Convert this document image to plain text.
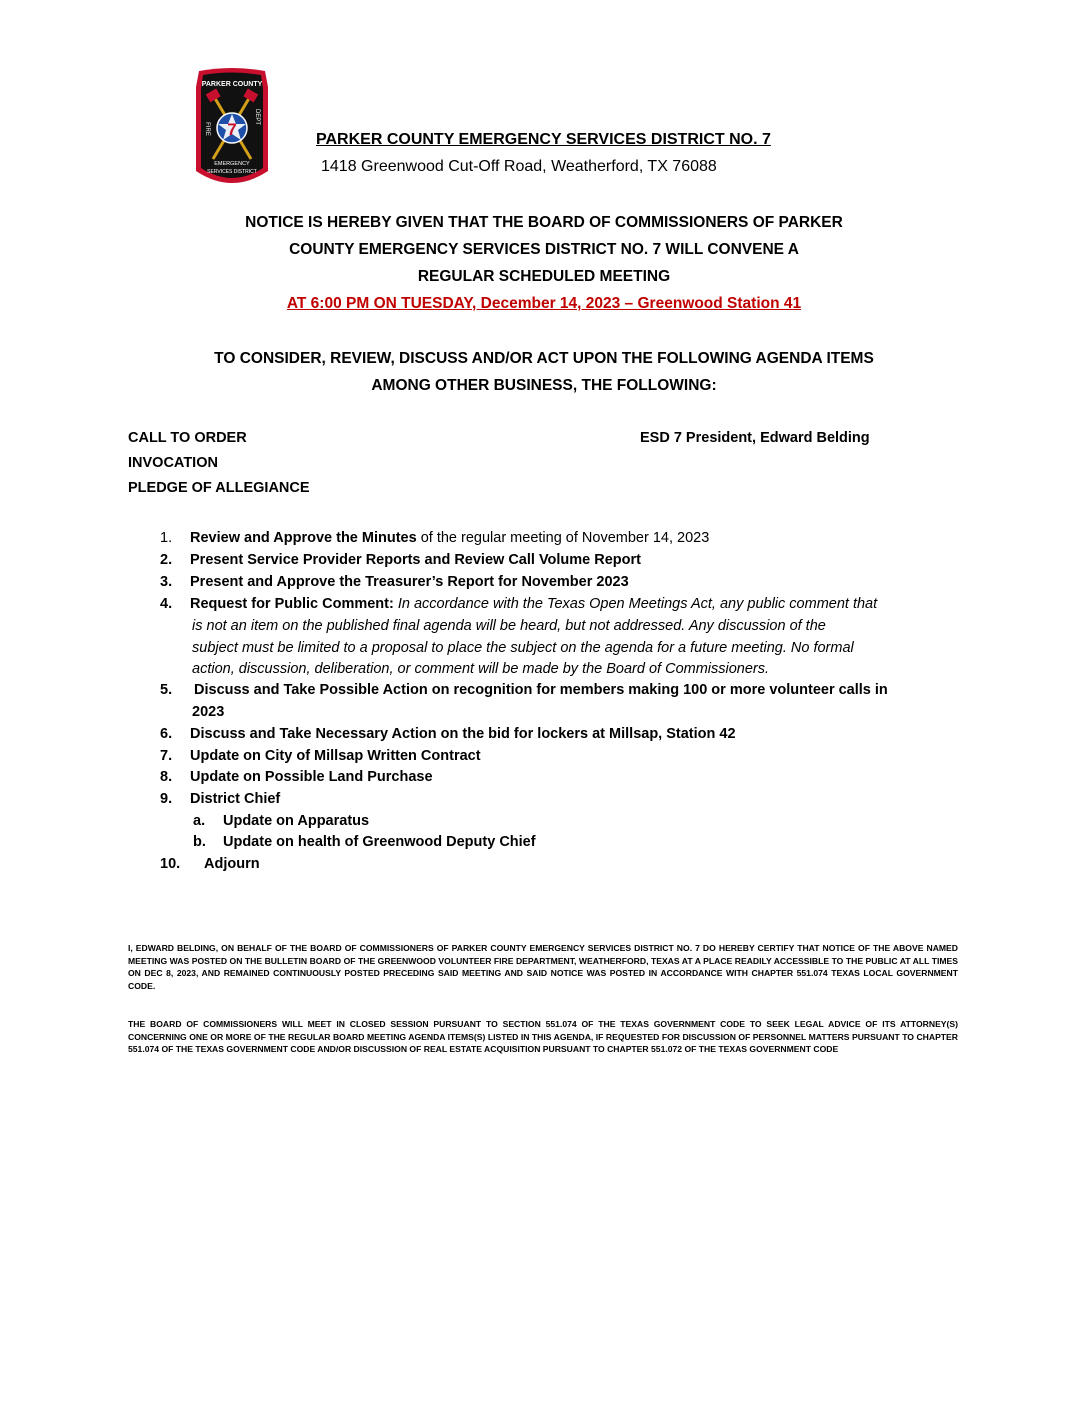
PARKER COUNTY
7
FIRE
DEPT
EMERGENCY
SERVICES DISTRICT
PARKER COUNTY EMERGENCY SERVICES DISTRICT NO. 7
1418 Greenwood Cut-Off Road, Weatherford, TX 76088
NOTICE IS HEREBY GIVEN THAT THE BOARD OF COMMISSIONERS OF PARKER
COUNTY EMERGENCY SERVICES DISTRICT NO. 7 WILL CONVENE A
REGULAR SCHEDULED MEETING
AT 6:00 PM ON TUESDAY, December 14, 2023 – Greenwood Station 41
TO CONSIDER, REVIEW, DISCUSS AND/OR ACT UPON THE FOLLOWING AGENDA ITEMS
AMONG OTHER BUSINESS, THE FOLLOWING:
CALL TO ORDER	ESD 7 President, Edward Belding
INVOCATION
PLEDGE OF ALLEGIANCE
1. Review and Approve the Minutes of the regular meeting of November 14, 2023
2. Present Service Provider Reports and Review Call Volume Report
3. Present and Approve the Treasurer’s Report for November 2023
4. Request for Public Comment: In accordance with the Texas Open Meetings Act, any public comment that
is not an item on the published final agenda will be heard, but not addressed. Any discussion of the
subject must be limited to a proposal to place the subject on the agenda for a future meeting. No formal
action, discussion, deliberation, or comment will be made by the Board of Commissioners.
5. Discuss and Take Possible Action on recognition for members making 100 or more volunteer calls in
2023
6. Discuss and Take Necessary Action on the bid for lockers at Millsap, Station 42
7. Update on City of Millsap Written Contract
8. Update on Possible Land Purchase
9. District Chief
a. Update on Apparatus
b. Update on health of Greenwood Deputy Chief
10. Adjourn
I, EDWARD BELDING, ON BEHALF OF THE BOARD OF COMMISSIONERS OF PARKER COUNTY EMERGENCY SERVICES DISTRICT NO. 7 DO HEREBY CERTIFY THAT NOTICE OF THE ABOVE NAMED MEETING WAS POSTED ON THE BULLETIN BOARD OF THE GREENWOOD VOLUNTEER FIRE DEPARTMENT, WEATHERFORD, TEXAS AT A PLACE READILY ACCESSIBLE TO THE PUBLIC AT ALL TIMES ON DEC 8, 2023, AND REMAINED CONTINUOUSLY POSTED PRECEDING SAID MEETING AND SAID NOTICE WAS POSTED IN ACCORDANCE WITH CHAPTER 551.074 TEXAS LOCAL GOVERNMENT CODE.
THE BOARD OF COMMISSIONERS WILL MEET IN CLOSED SESSION PURSUANT TO SECTION 551.074 OF THE TEXAS GOVERNMENT CODE TO SEEK LEGAL ADVICE OF ITS ATTORNEY(S) CONCERNING ONE OR MORE OF THE REGULAR BOARD MEETING AGENDA ITEMS(S) LISTED IN THIS AGENDA, IF REQUESTED FOR DISCUSSION OF PERSONNEL MATTERS PURSUANT TO CHAPTER 551.074 OF THE TEXAS GOVERNMENT CODE AND/OR DISCUSSION OF REAL ESTATE ACQUISITION PURSUANT TO CHAPTER 551.072 OF THE TEXAS GOVERNMENT CODE
